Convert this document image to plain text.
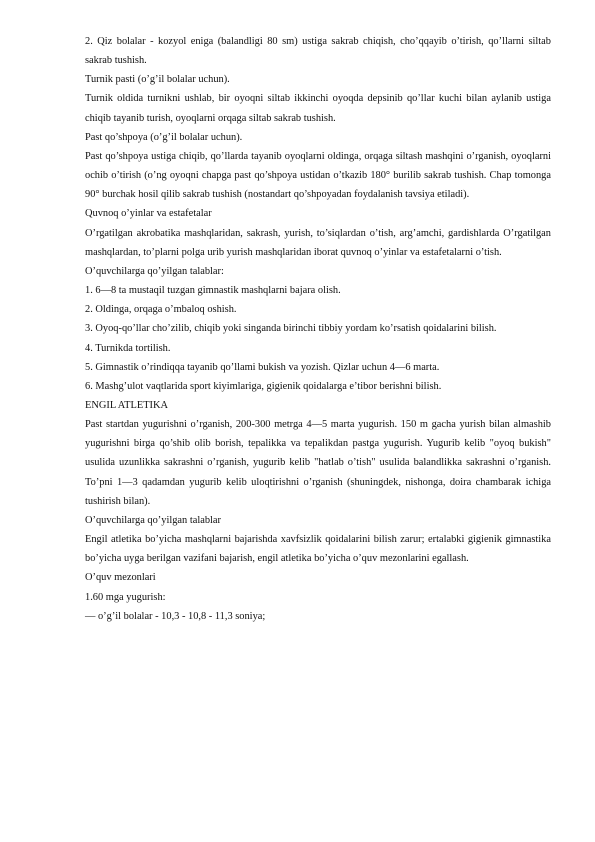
2. Qiz bolalar - kozyol eniga (balandligi 80 sm) ustiga sakrab chiqish, cho’qqayib o’tirish, qo’llarni siltab sakrab tushish.

Turnik pasti (o’g’il bolalar uchun).

Turnik oldida turnikni ushlab, bir oyoqni siltab ikkinchi oyoqda depsinib qo’llar kuchi bilan aylanib ustiga chiqib tayanib turish, oyoqlarni orqaga siltab sakrab tushish.

Past qo’shpoya (o’g’il bolalar uchun).

Past qo’shpoya ustiga chiqib, qo’llarda tayanib oyoqlarni oldinga, orqaga siltash mashqini o’rganish, oyoqlarni ochib o’tirish (o’ng oyoqni chapga past qo’shpoya ustidan o’tkazib 180° burilib sakrab tushish. Chap tomonga 90° burchak hosil qilib sakrab tushish (nostandart qo’shpoyadan foydalanish tavsiya etiladi).

Quvnoq o’yinlar va estafetalar

O’rgatilgan akrobatika mashqlaridan, sakrash, yurish, to’siqlardan o’tish, arg’amchi, gardishlarda O’rgatilgan mashqlardan, to’plarni polga urib yurish mashqlaridan iborat quvnoq o’yinlar va estafetalarni o’tish.

O’quvchilarga qo’yilgan talablar:

1. 6—8 ta mustaqil tuzgan gimnastik mashqlarni bajara olish.

2. Oldinga, orqaga o’mbaloq oshish.

3. Oyoq-qo’llar cho’zilib, chiqib yoki singanda birinchi tibbiy yordam ko’rsatish qoidalarini bilish.

4. Turnikda tortilish.

5. Gimnastik o’rindiqqa tayanib qo’llami bukish va yozish. Qizlar uchun 4—6 marta.

6. Mashg’ulot vaqtlarida sport kiyimlariga, gigienik qoidalarga e’tibor berishni bilish.

ENGIL ATLETIKA

Past startdan yugurishni o’rganish, 200-300 metrga 4—5 marta yugurish. 150 m gacha yurish bilan almashib yugurishni birga qo’shib olib borish, tepalikka va tepalikdan pastga yugurish. Yugurib kelib "oyoq bukish" usulida uzunlikka sakrashni o’rganish, yugurib kelib "hatlab o’tish" usulida balandlikka sakrashni o’rganish. To’pni 1—3 qadamdan yugurib kelib uloqtirishni o’rganish (shuningdek, nishonga, doira chambarak ichiga tushirish bilan).

O’quvchilarga qo’yilgan talablar

Engil atletika bo’yicha mashqlarni bajarishda xavfsizlik qoidalarini bilish zarur; ertalabki gigienik gimnastika bo’yicha uyga berilgan vazifani bajarish, engil atletika bo’yicha o’quv mezonlarini egallash.

O’quv mezonlari

1.60 mga yugurish:

— o’g’il bolalar - 10,3 - 10,8 - 11,3 soniya;
